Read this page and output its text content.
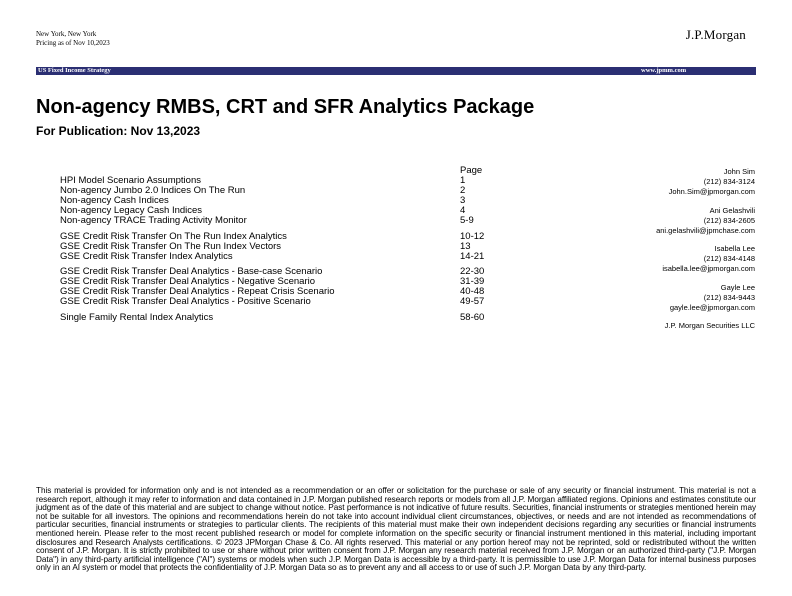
New York, New York
Pricing as of Nov 10,2023
J.P.Morgan
US Fixed Income Strategy	www.jpmm.com
Non-agency RMBS, CRT and SFR Analytics Package
For Publication: Nov 13,2023
Page
HPI Model Scenario Assumptions	1
Non-agency Jumbo 2.0 Indices On The Run	2
Non-agency Cash Indices	3
Non-agency Legacy Cash Indices	4
Non-agency TRACE Trading Activity Monitor	5-9
GSE Credit Risk Transfer On The Run Index Analytics	10-12
GSE Credit Risk Transfer On The Run Index Vectors	13
GSE Credit Risk Transfer Index Analytics	14-21
GSE Credit Risk Transfer Deal Analytics - Base-case Scenario	22-30
GSE Credit Risk Transfer Deal Analytics - Negative Scenario	31-39
GSE Credit Risk Transfer Deal Analytics - Repeat Crisis Scenario	40-48
GSE Credit Risk Transfer Deal Analytics - Positive Scenario	49-57
Single Family Rental Index Analytics	58-60
John Sim
(212) 834-3124
John.Sim@jpmorgan.com
Ani Gelashvili
(212) 834-2605
ani.gelashvili@jpmchase.com
Isabella Lee
(212) 834-4148
isabella.lee@jpmorgan.com
Gayle Lee
(212) 834-9443
gayle.lee@jpmorgan.com
J.P. Morgan Securities LLC
This material is provided for information only and is not intended as a recommendation or an offer or solicitation for the purchase or sale of any security or financial instrument. This material is not a research report, although it may refer to information and data contained in J.P. Morgan published research reports or models from all J.P. Morgan affiliated regions. Opinions and estimates constitute our judgment as of the date of this material and are subject to change without notice. Past performance is not indicative of future results. Securities, financial instruments or strategies mentioned herein may not be suitable for all investors. The opinions and recommendations herein do not take into account individual client circumstances, objectives, or needs and are not intended as recommendations of particular securities, financial instruments or strategies to particular clients. The recipients of this material must make their own independent decisions regarding any securities or financial instruments mentioned herein. Please refer to the most recent published research or model for complete information on the specific security or financial instrument mentioned in this material, including important disclosures and Research Analysts certifications. © 2023 JPMorgan Chase & Co. All rights reserved. This material or any portion hereof may not be reprinted, sold or redistributed without the written consent of J.P. Morgan. It is strictly prohibited to use or share without prior written consent from J.P. Morgan any research material received from J.P. Morgan or an authorized third-party ("J.P. Morgan Data") in any third-party artificial intelligence ("AI") systems or models when such J.P. Morgan Data is accessible by a third-party. It is permissible to use J.P. Morgan Data for internal business purposes only in an AI system or model that protects the confidentiality of J.P. Morgan Data so as to prevent any and all access to or use of such J.P. Morgan Data by any third-party.
